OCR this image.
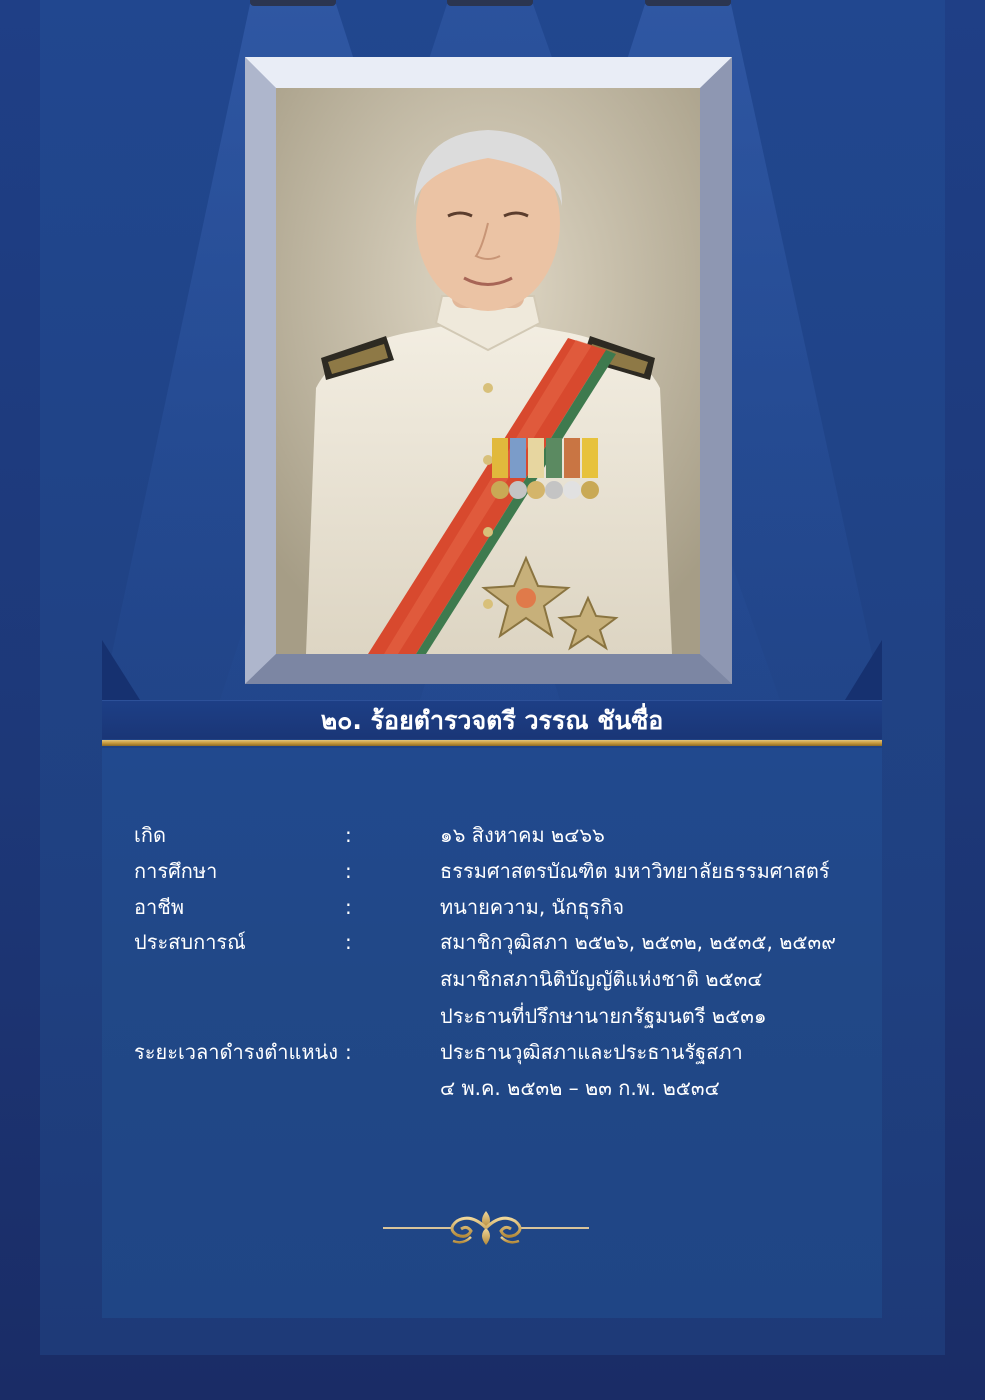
๒๐. ร้อยตำรวจตรี วรรณ ชันซื่อ
เกิด	:	๑๖ สิงหาคม ๒๔๖๖
การศึกษา	:	ธรรมศาสตรบัณฑิต มหาวิทยาลัยธรรมศาสตร์
อาชีพ	:	ทนายความ, นักธุรกิจ
ประสบการณ์	:	สมาชิกวุฒิสภา ๒๕๒๖, ๒๕๓๒, ๒๕๓๕, ๒๕๓๙
สมาชิกสภานิติบัญญัติแห่งชาติ ๒๕๓๔
ประธานที่ปรึกษานายกรัฐมนตรี ๒๕๓๑
ระยะเวลาดำรงตำแหน่ง :	ประธานวุฒิสภาและประธานรัฐสภา
๔ พ.ค. ๒๕๓๒ – ๒๓ ก.พ. ๒๕๓๔
